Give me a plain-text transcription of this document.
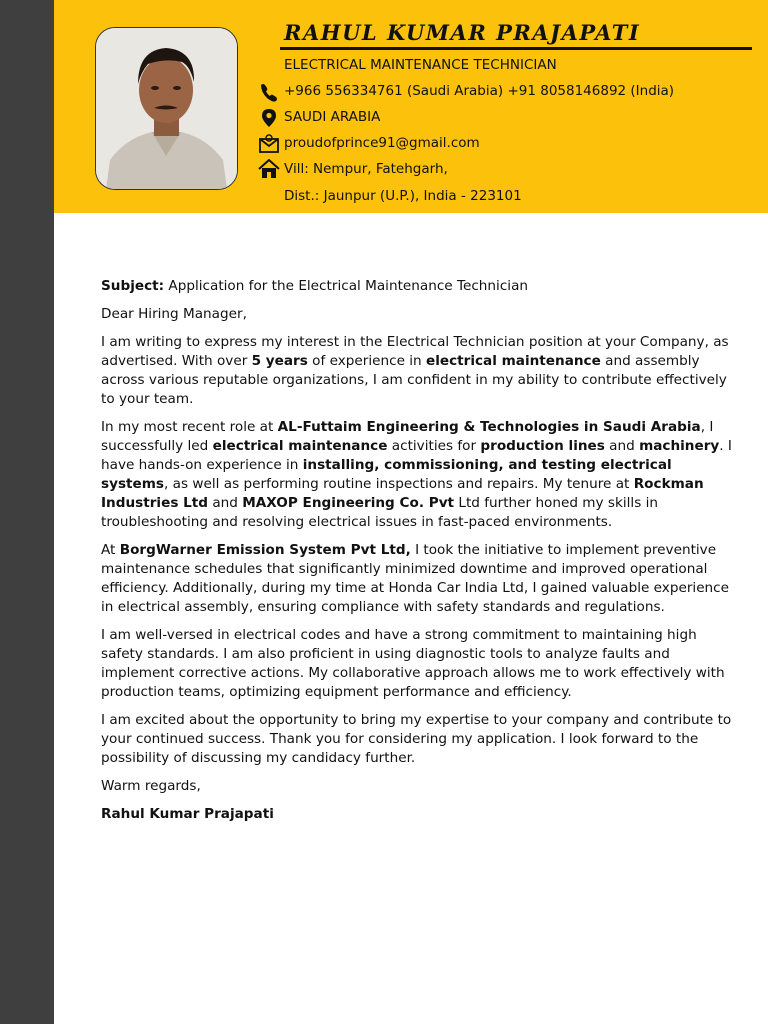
RAHUL KUMAR PRAJAPATI
ELECTRICAL MAINTENANCE TECHNICIAN
+966 556334761 (Saudi Arabia) +91 8058146892 (India)
SAUDI ARABIA
proudofprince91@gmail.com
Vill: Nempur, Fatehgarh,
Dist.: Jaunpur (U.P.), India - 223101

Subject: Application for the Electrical Maintenance Technician

Dear Hiring Manager,

I am writing to express my interest in the Electrical Technician position at your Company, as advertised. With over 5 years of experience in electrical maintenance and assembly across various reputable organizations, I am confident in my ability to contribute effectively to your team.

In my most recent role at AL-Futtaim Engineering & Technologies in Saudi Arabia, I successfully led electrical maintenance activities for production lines and machinery. I have hands-on experience in installing, commissioning, and testing electrical systems, as well as performing routine inspections and repairs. My tenure at Rockman Industries Ltd and MAXOP Engineering Co. Pvt Ltd further honed my skills in troubleshooting and resolving electrical issues in fast-paced environments.

At BorgWarner Emission System Pvt Ltd, I took the initiative to implement preventive maintenance schedules that significantly minimized downtime and improved operational efficiency. Additionally, during my time at Honda Car India Ltd, I gained valuable experience in electrical assembly, ensuring compliance with safety standards and regulations.

I am well-versed in electrical codes and have a strong commitment to maintaining high safety standards. I am also proficient in using diagnostic tools to analyze faults and implement corrective actions. My collaborative approach allows me to work effectively with production teams, optimizing equipment performance and efficiency.

I am excited about the opportunity to bring my expertise to your company and contribute to your continued success. Thank you for considering my application. I look forward to the possibility of discussing my candidacy further.

Warm regards,

Rahul Kumar Prajapati
